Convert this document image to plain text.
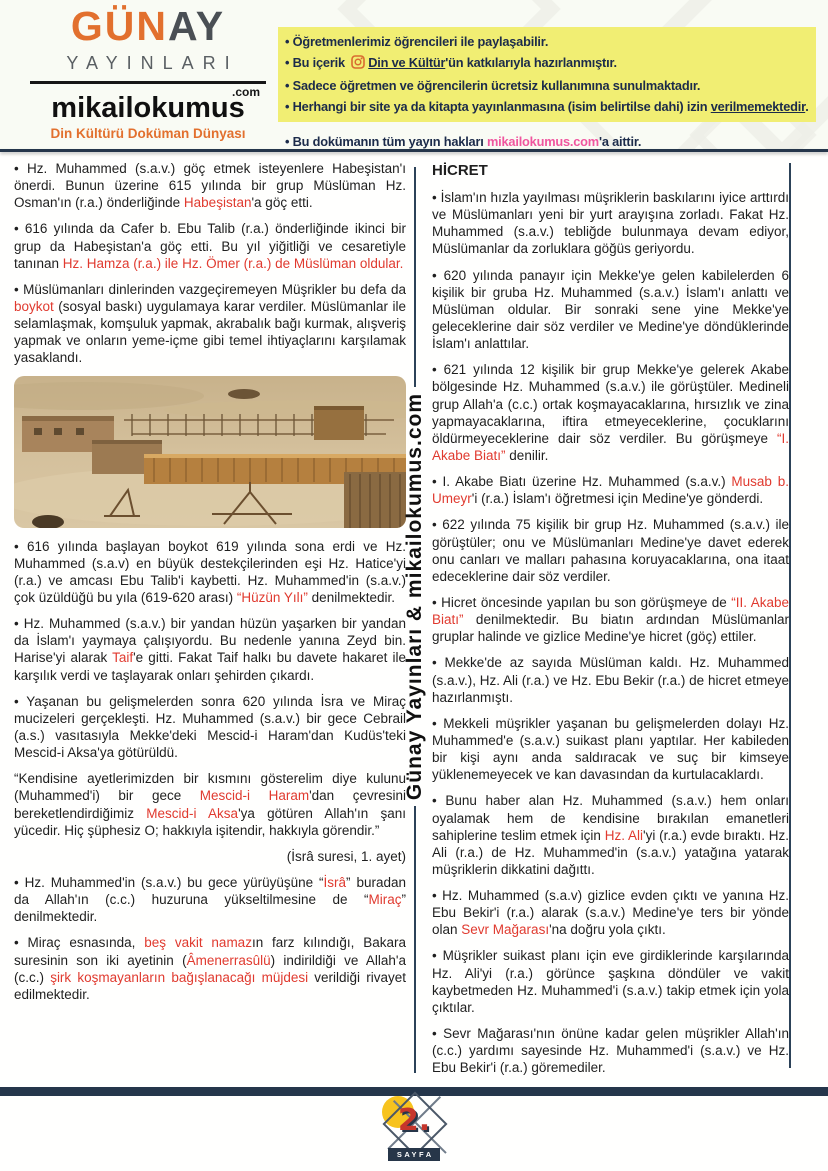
GÜNAY
YAYINLARI
.com
mikailokumus
Din Kültürü Doküman Dünyası
• Öğretmenlerimiz öğrencileri ile paylaşabilir.
• Bu içerik Din ve Kültür'ün katkılarıyla hazırlanmıştır.
• Sadece öğretmen ve öğrencilerin ücretsiz kullanımına sunulmaktadır.
• Herhangi bir site ya da kitapta yayınlanmasına (isim belirtilse dahi) izin verilmemektedir.
• Bu dokümanın tüm yayın hakları mikailokumus.com'a aittir.

• Hz. Muhammed (s.a.v.) göç etmek isteyenlere Habeşistan'ı önerdi. Bunun üzerine 615 yılında bir grup Müslüman Hz. Osman'ın (r.a.) önderliğinde Habeşistan'a göç etti.

• 616 yılında da Cafer b. Ebu Talib (r.a.) önderliğinde ikinci bir grup da Habeşistan'a göç etti. Bu yıl yiğitliği ve cesaretiyle tanınan Hz. Hamza (r.a.) ile Hz. Ömer (r.a.) de Müslüman oldular.

• Müslümanları dinlerinden vazgeçiremeyen Müşrikler bu defa da boykot (sosyal baskı) uygulamaya karar verdiler. Müslümanlar ile selamlaşmak, komşuluk yapmak, akrabalık bağı kurmak, alışveriş yapmak ve onların yeme-içme gibi temel ihtiyaçlarını karşılamak yasaklandı.

• 616 yılında başlayan boykot 619 yılında sona erdi ve Hz. Muhammed (s.a.v) en büyük destekçilerinden eşi Hz. Hatice'yi (r.a.) ve amcası Ebu Talib'i kaybetti. Hz. Muhammed'in (s.a.v.) çok üzüldüğü bu yıla (619-620 arası) “Hüzün Yılı” denilmektedir.

• Hz. Muhammed (s.a.v.) bir yandan hüzün yaşarken bir yandan da İslam'ı yaymaya çalışıyordu. Bu nedenle yanına Zeyd bin. Harise'yi alarak Taif'e gitti. Fakat Taif halkı bu davete hakaret ile karşılık verdi ve taşlayarak onları şehirden çıkardı.

• Yaşanan bu gelişmelerden sonra 620 yılında İsra ve Miraç mucizeleri gerçekleşti. Hz. Muhammed (s.a.v.) bir gece Cebrail (a.s.) vasıtasıyla Mekke'deki Mescid-i Haram'dan Kudüs'teki Mescid-i Aksa'ya götürüldü.

“Kendisine ayetlerimizden bir kısmını gösterelim diye kulunu (Muhammed'i) bir gece Mescid-i Haram'dan çevresini bereketlendirdiğimiz Mescid-i Aksa'ya götüren Allah'ın şanı yücedir. Hiç şüphesiz O; hakkıyla işitendir, hakkıyla görendir.”

(İsrâ suresi, 1. ayet)

• Hz. Muhammed'in (s.a.v.) bu gece yürüyüşüne “İsrâ” buradan da Allah'ın (c.c.) huzuruna yükseltilmesine de “Miraç” denilmektedir.

• Miraç esnasında, beş vakit namazın farz kılındığı, Bakara suresinin son iki ayetinin (Âmenerrasûlü) indirildiği ve Allah'a (c.c.) şirk koşmayanların bağışlanacağı müjdesi verildiği rivayet edilmektedir.

Günay Yayınları & mikailokumus.com
HİCRET

• İslam'ın hızla yayılması müşriklerin baskılarını iyice arttırdı ve Müslümanları yeni bir yurt arayışına zorladı. Fakat Hz. Muhammed (s.a.v.) tebliğde bulunmaya devam ediyor, Müslümanlar da zorluklara göğüs geriyordu.

• 620 yılında panayır için Mekke'ye gelen kabilelerden 6 kişilik bir gruba Hz. Muhammed (s.a.v.) İslam'ı anlattı ve Müslüman oldular. Bir sonraki sene yine Mekke'ye geleceklerine dair söz verdiler ve Medine'ye döndüklerinde İslam'ı anlattılar.

• 621 yılında 12 kişilik bir grup Mekke'ye gelerek Akabe bölgesinde Hz. Muhammed (s.a.v.) ile görüştüler. Medineli grup Allah'a (c.c.) ortak koşmayacaklarına, hırsızlık ve zina yapmayacaklarına, iftira etmeyeceklerine, çocuklarını öldürmeyeceklerine dair söz verdiler. Bu görüşmeye “I. Akabe Biatı” denilir.

• I. Akabe Biatı üzerine Hz. Muhammed (s.a.v.) Musab b. Umeyr'i (r.a.) İslam'ı öğretmesi için Medine'ye gönderdi.

• 622 yılında 75 kişilik bir grup Hz. Muhammed (s.a.v.) ile görüştüler; onu ve Müslümanları Medine'ye davet ederek onu canları ve malları pahasına koruyacaklarına, ona itaat edeceklerine dair söz verdiler.

• Hicret öncesinde yapılan bu son görüşmeye de “II. Akabe Biatı” denilmektedir. Bu biatın ardından Müslümanlar gruplar halinde ve gizlice Medine'ye hicret (göç) ettiler.

• Mekke'de az sayıda Müslüman kaldı. Hz. Muhammed (s.a.v.), Hz. Ali (r.a.) ve Hz. Ebu Bekir (r.a.) de hicret etmeye hazırlanmıştı.

• Mekkeli müşrikler yaşanan bu gelişmelerden dolayı Hz. Muhammed'e (s.a.v.) suikast planı yaptılar. Her kabileden bir kişi aynı anda saldıracak ve suç bir kimseye yüklenemeyecek ve kan davasından da kurtulacaklardı.

• Bunu haber alan Hz. Muhammed (s.a.v.) hem onları oyalamak hem de kendisine bırakılan emanetleri sahiplerine teslim etmek için Hz. Ali'yi (r.a.) evde bıraktı. Hz. Ali (r.a.) de Hz. Muhammed'in (s.a.v.) yatağına yatarak müşriklerin dikkatini dağıttı.

• Hz. Muhammed (s.a.v) gizlice evden çıktı ve yanına Hz. Ebu Bekir'i (r.a.) alarak (s.a.v.) Medine'ye ters bir yönde olan Sevr Mağarası'na doğru yola çıktı.

• Müşrikler suikast planı için eve girdiklerinde karşılarında Hz. Ali'yi (r.a.) görünce şaşkına döndüler ve vakit kaybetmeden Hz. Muhammed'i (s.a.v.) takip etmek için yola çıktılar.

• Sevr Mağarası'nın önüne kadar gelen müşrikler Allah'ın (c.c.) yardımı sayesinde Hz. Muhammed'i (s.a.v.) ve Hz. Ebu Bekir'i (r.a.) göremediler.

2.
SAYFA
